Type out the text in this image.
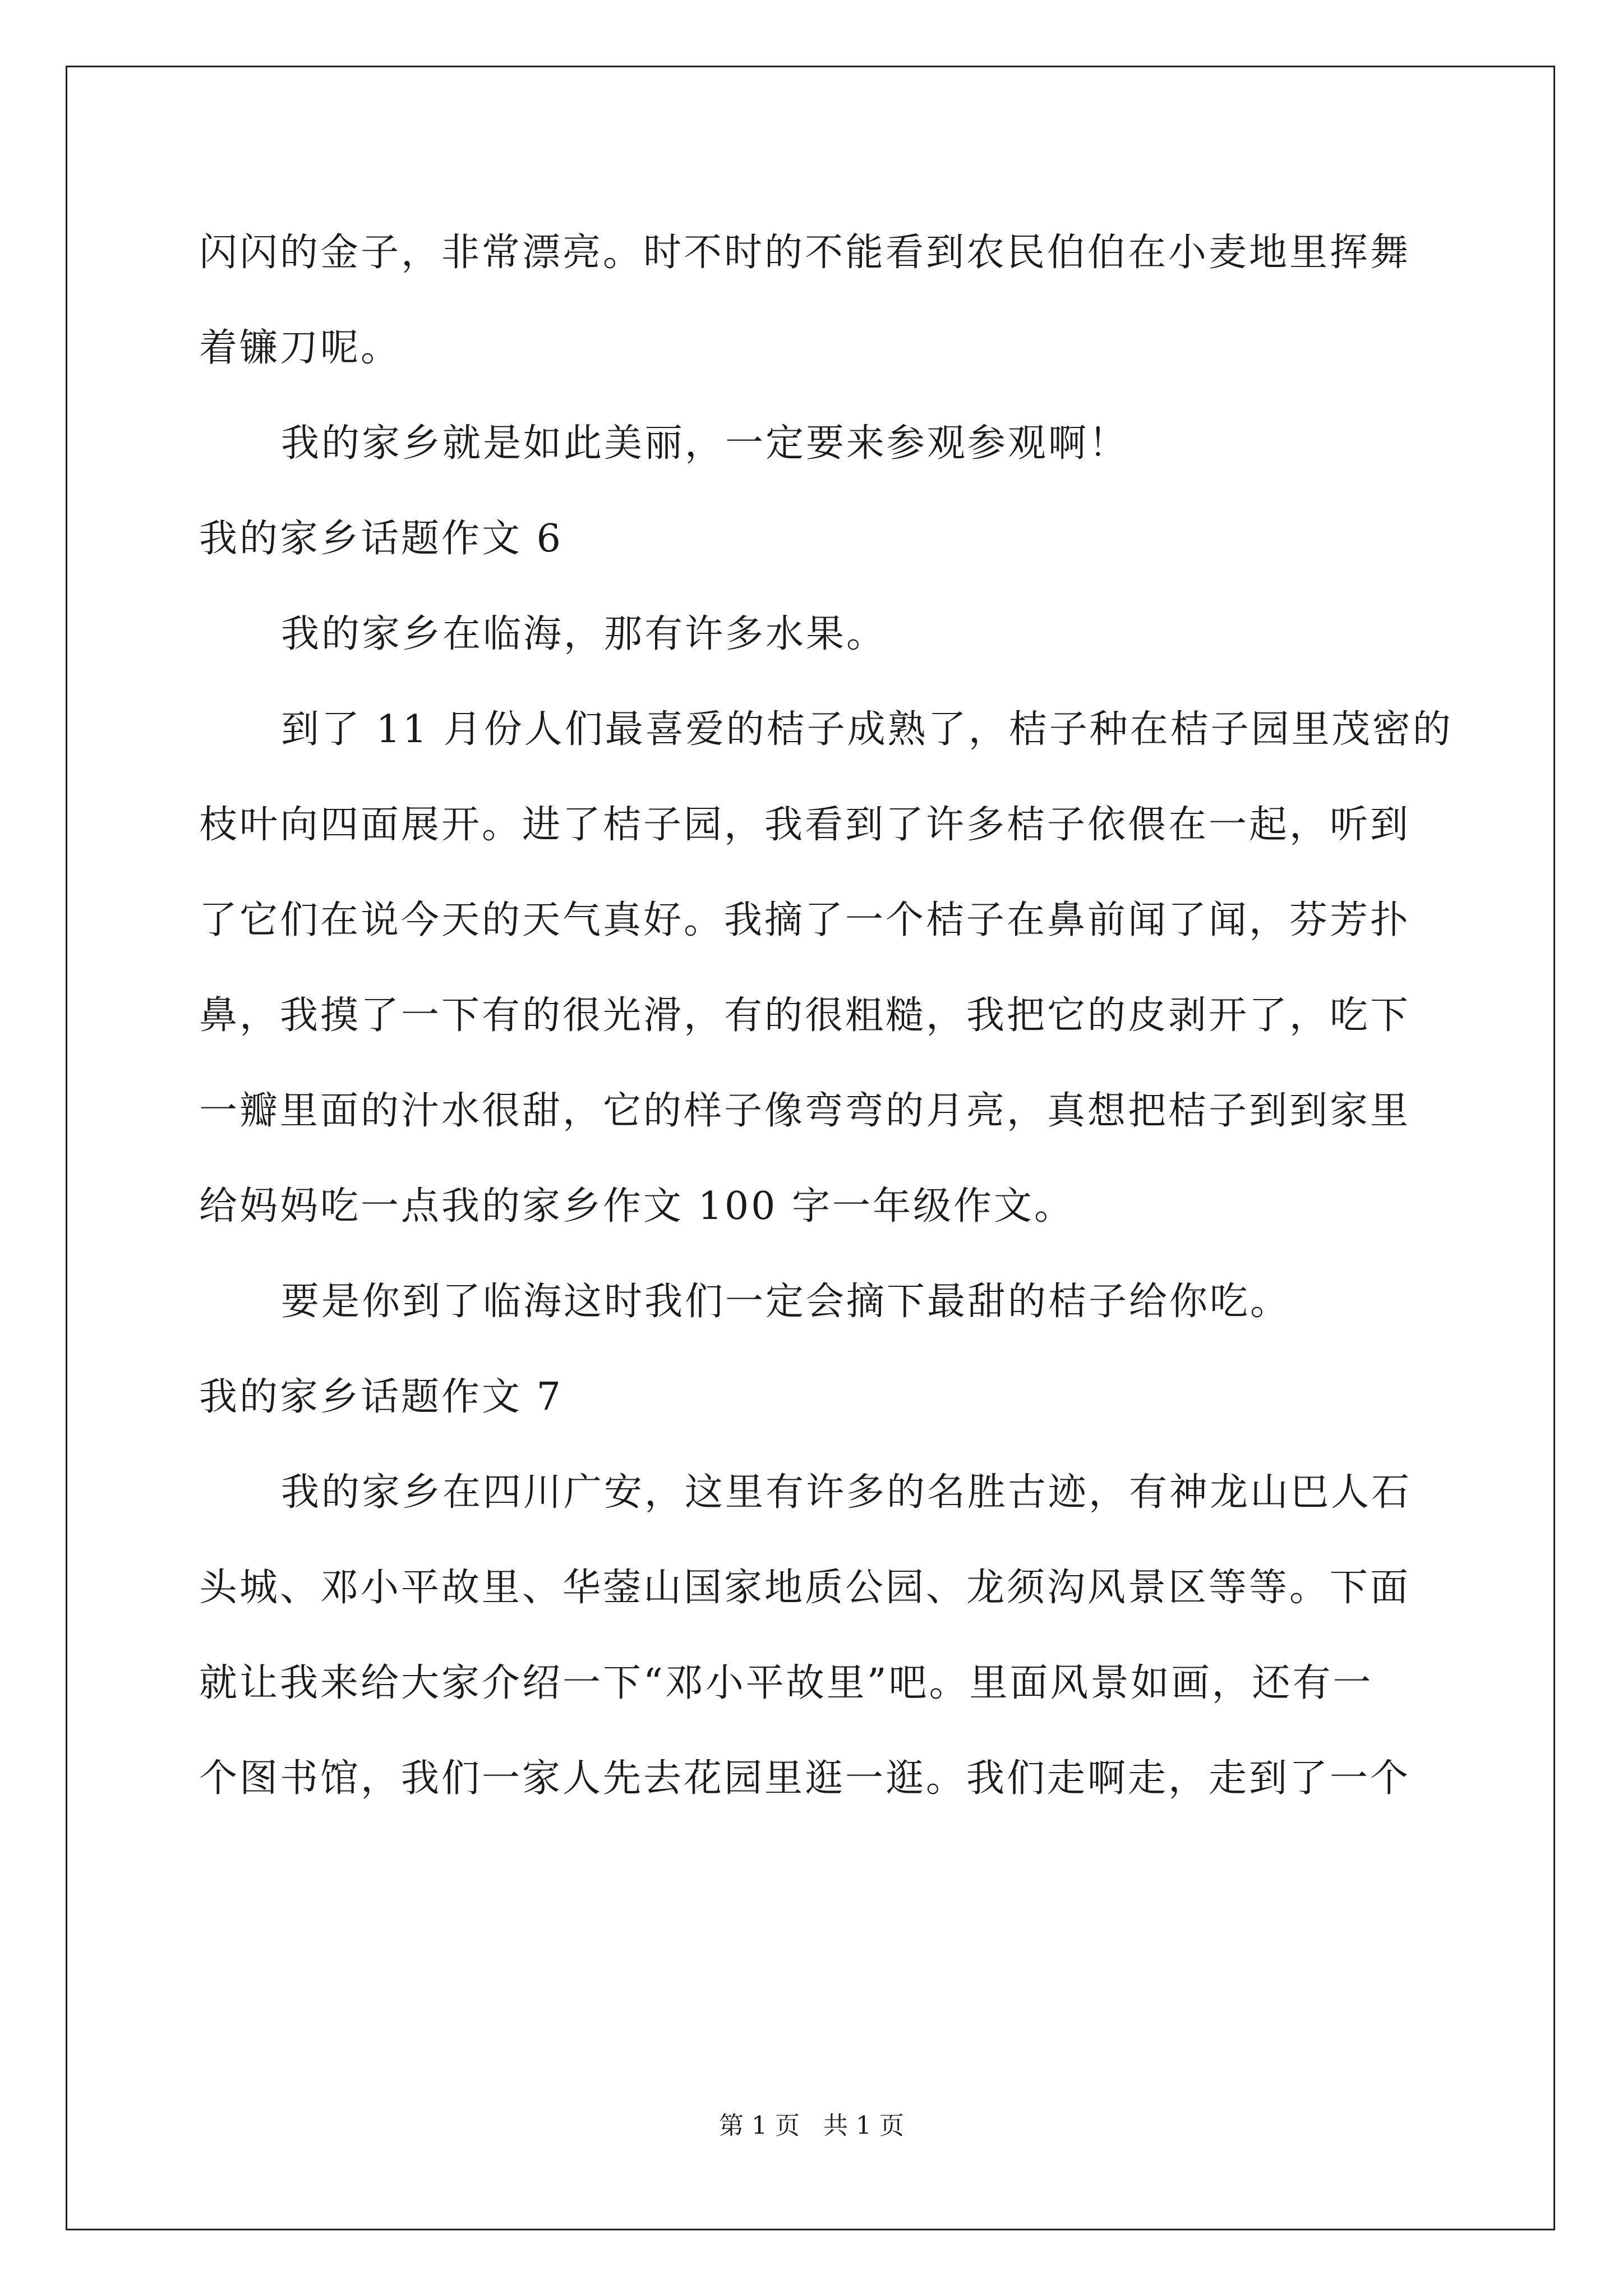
闪闪的金子，非常漂亮。时不时的不能看到农民伯伯在小麦地里挥舞
着镰刀呢。
我的家乡就是如此美丽，一定要来参观参观啊！
我的家乡话题作文 6
我的家乡在临海，那有许多水果。
到了 11 月份人们最喜爱的桔子成熟了，桔子种在桔子园里茂密的
枝叶向四面展开。进了桔子园，我看到了许多桔子依偎在一起，听到
了它们在说今天的天气真好。我摘了一个桔子在鼻前闻了闻，芬芳扑
鼻，我摸了一下有的很光滑，有的很粗糙，我把它的皮剥开了，吃下
一瓣里面的汁水很甜，它的样子像弯弯的月亮，真想把桔子到到家里
给妈妈吃一点我的家乡作文 100 字一年级作文。
要是你到了临海这时我们一定会摘下最甜的桔子给你吃。
我的家乡话题作文 7
我的家乡在四川广安，这里有许多的名胜古迹，有神龙山巴人石
头城、邓小平故里、华蓥山国家地质公园、龙须沟风景区等等。下面
就让我来给大家介绍一下“邓小平故里”吧。里面风景如画，还有一
个图书馆，我们一家人先去花园里逛一逛。我们走啊走，走到了一个
第 1 页   共 1 页
